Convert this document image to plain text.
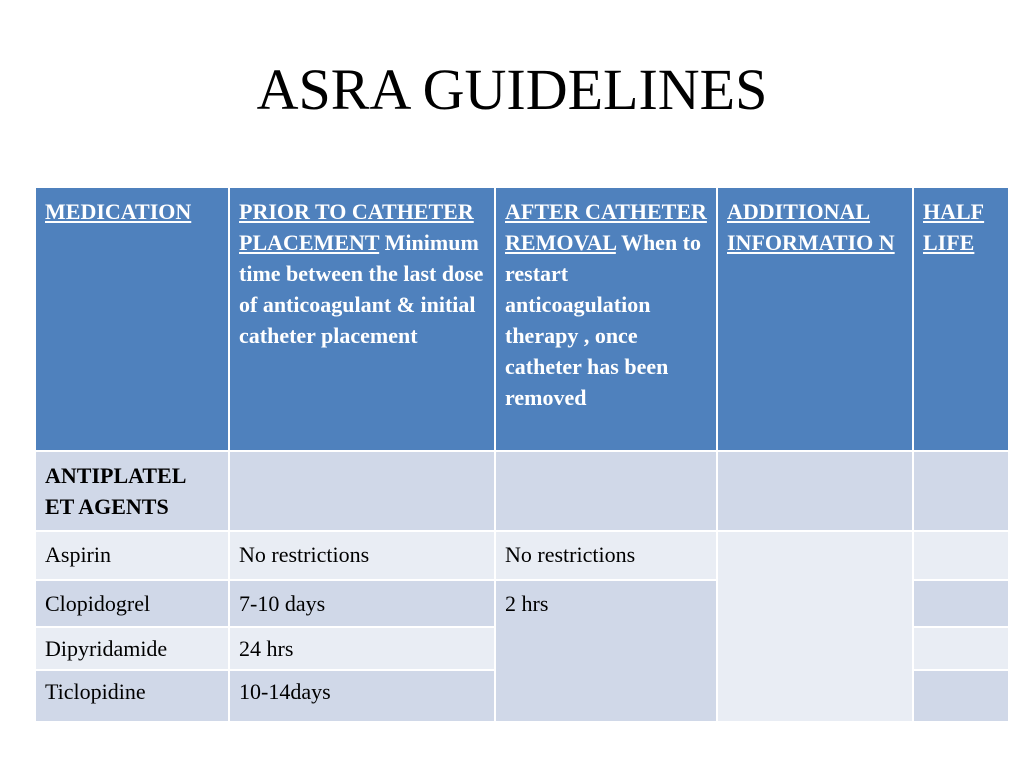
ASRA GUIDELINES
MEDICATION	PRIOR TO CATHETER PLACEMENT Minimum time between the last dose of anticoagulant & initial catheter placement	AFTER CATHETER REMOVAL When to restart anticoagulation therapy , once catheter has been removed	ADDITIONAL INFORMATIO N	HALF LIFE
ANTIPLATEL ET AGENTS				
Aspirin	No restrictions	No restrictions		
Clopidogrel	7-10 days	2 hrs		
Dipyridamide	24 hrs			
Ticlopidine	10-14days			
